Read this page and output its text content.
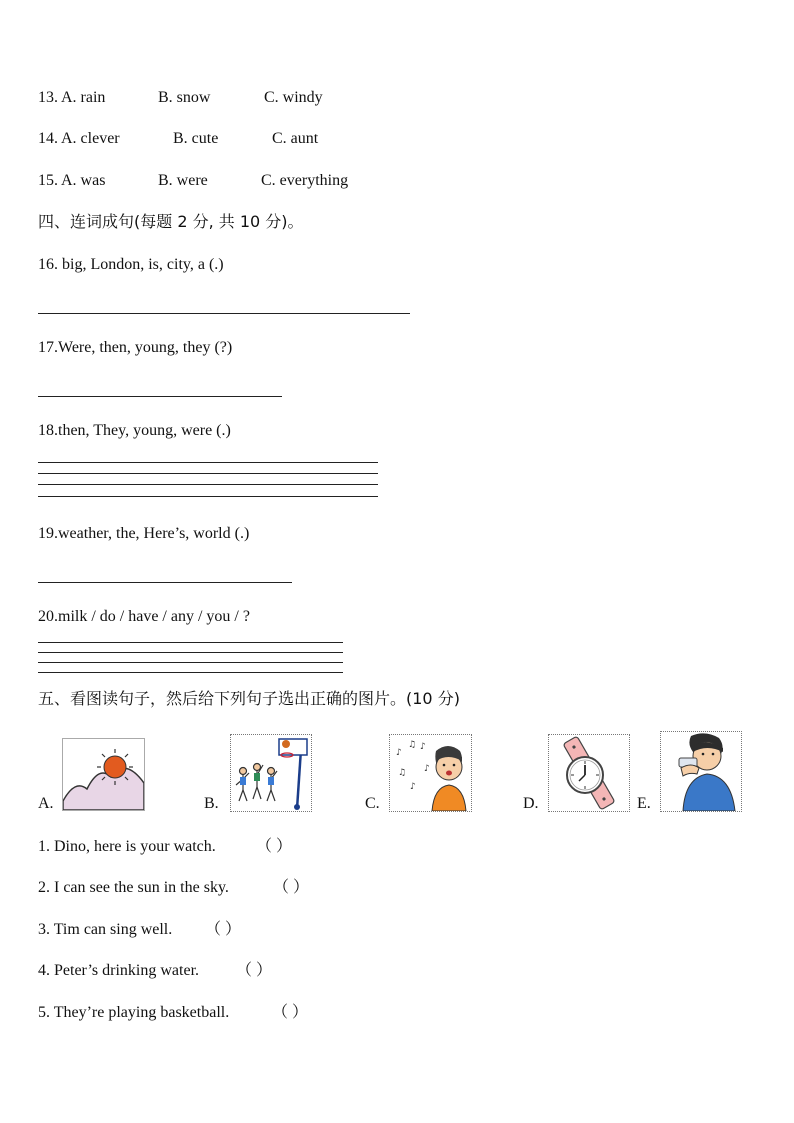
13. A. rain	B. snow	C. windy
14. A. clever	B. cute	C. aunt
15. A. was	B. were	C. everything
四、连词成句(每题 2 分, 共 10 分)。
16. big, London, is, city, a (.)
17.Were, then, young, they (?)
18.then, They, young, were (.)
19.weather, the, Here’s, world (.)
20.milk / do / have / any / you / ?
五、看图读句子，然后给下列句子选出正确的图片。(10 分)
A.	B.	C.
♪
♫ ♪
♫
♪
♪
D.	E.
1. Dino, here is your watch.	（ ）
2. I can see the sun in the sky.	（ ）
3. Tim can sing well. （ ）
4. Peter’s drinking water. （ ）
5. They’re playing basketball.	（ ）
